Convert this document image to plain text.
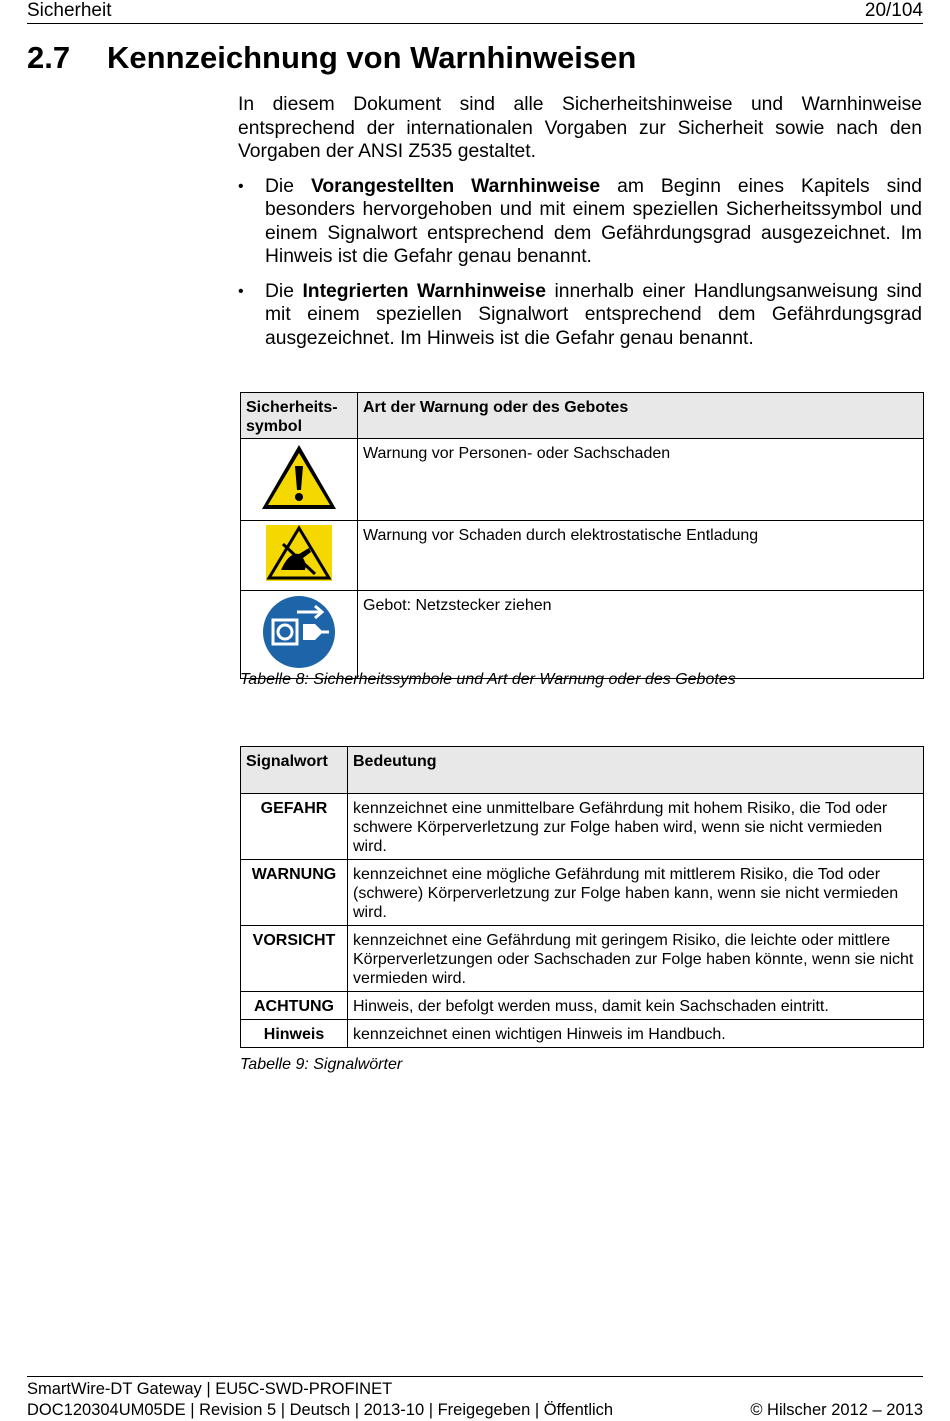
Sicherheit	20/104
2.7 Kennzeichnung von Warnhinweisen

In diesem Dokument sind alle Sicherheitshinweise und Warnhinweise entsprechend der internationalen Vorgaben zur Sicherheit sowie nach den Vorgaben der ANSI Z535 gestaltet.

• Die Vorangestellten Warnhinweise am Beginn eines Kapitels sind besonders hervorgehoben und mit einem speziellen Sicherheitssymbol und einem Signalwort entsprechend dem Gefährdungsgrad ausgezeichnet. Im Hinweis ist die Gefahr genau benannt.
• Die Integrierten Warnhinweise innerhalb einer Handlungsanweisung sind mit einem speziellen Signalwort entsprechend dem Gefährdungsgrad ausgezeichnet. Im Hinweis ist die Gefahr genau benannt.
Sicherheits-symbol	Art der Warnung oder des Gebotes
	Warnung vor Personen- oder Sachschaden
	Warnung vor Schaden durch elektrostatische Entladung
	Gebot: Netzstecker ziehen
Tabelle 8: Sicherheitssymbole und Art der Warnung oder des Gebotes
Signalwort	Bedeutung
GEFAHR	kennzeichnet eine unmittelbare Gefährdung mit hohem Risiko, die Tod oder schwere Körperverletzung zur Folge haben wird, wenn sie nicht vermieden wird.
WARNUNG	kennzeichnet eine mögliche Gefährdung mit mittlerem Risiko, die Tod oder (schwere) Körperverletzung zur Folge haben kann, wenn sie nicht vermieden wird.
VORSICHT	kennzeichnet eine Gefährdung mit geringem Risiko, die leichte oder mittlere Körperverletzungen oder Sachschaden zur Folge haben könnte, wenn sie nicht vermieden wird.
ACHTUNG	Hinweis, der befolgt werden muss, damit kein Sachschaden eintritt.
Hinweis	kennzeichnet einen wichtigen Hinweis im Handbuch.
Tabelle 9: Signalwörter
SmartWire-DT Gateway | EU5C-SWD-PROFINET
DOC120304UM05DE | Revision 5 | Deutsch | 2013-10 | Freigegeben | Öffentlich	© Hilscher 2012 – 2013
